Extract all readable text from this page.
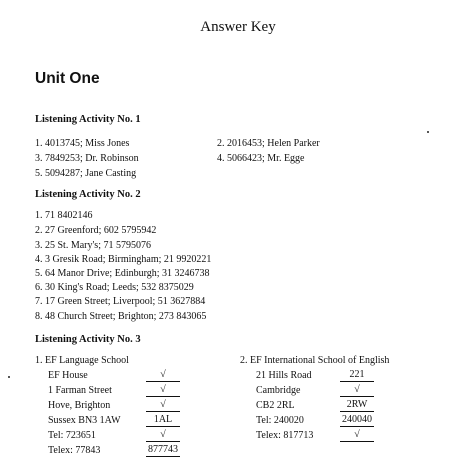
Answer Key
Unit One
Listening Activity No. 1
1. 4013745; Miss Jones	2. 2016453; Helen Parker
3. 7849253; Dr. Robinson	4. 5066423; Mr. Egge
5. 5094287; Jane Casting
Listening Activity No. 2
1. 71 8402146
2. 27 Greenford; 602 5795942
3. 25 St. Mary's; 71 5795076
4. 3 Gresik Road; Birmingham; 21 9920221
5. 64 Manor Drive; Edinburgh; 31 3246738
6. 30 King's Road; Leeds; 532 8375029
7. 17 Green Street; Liverpool; 51 3627884
8. 48 Church Street; Brighton; 273 843065
Listening Activity No. 3
1. EF Language School
EF House	√
1 Farman Street	√
Hove, Brighton	√
Sussex BN3 1AW	1AL
Tel: 723651	√
Telex: 77843	877743
2. EF International School of English
21 Hills Road	221
Cambridge	√
CB2 2RL	2RW
Tel: 240020	240040
Telex: 817713	√
